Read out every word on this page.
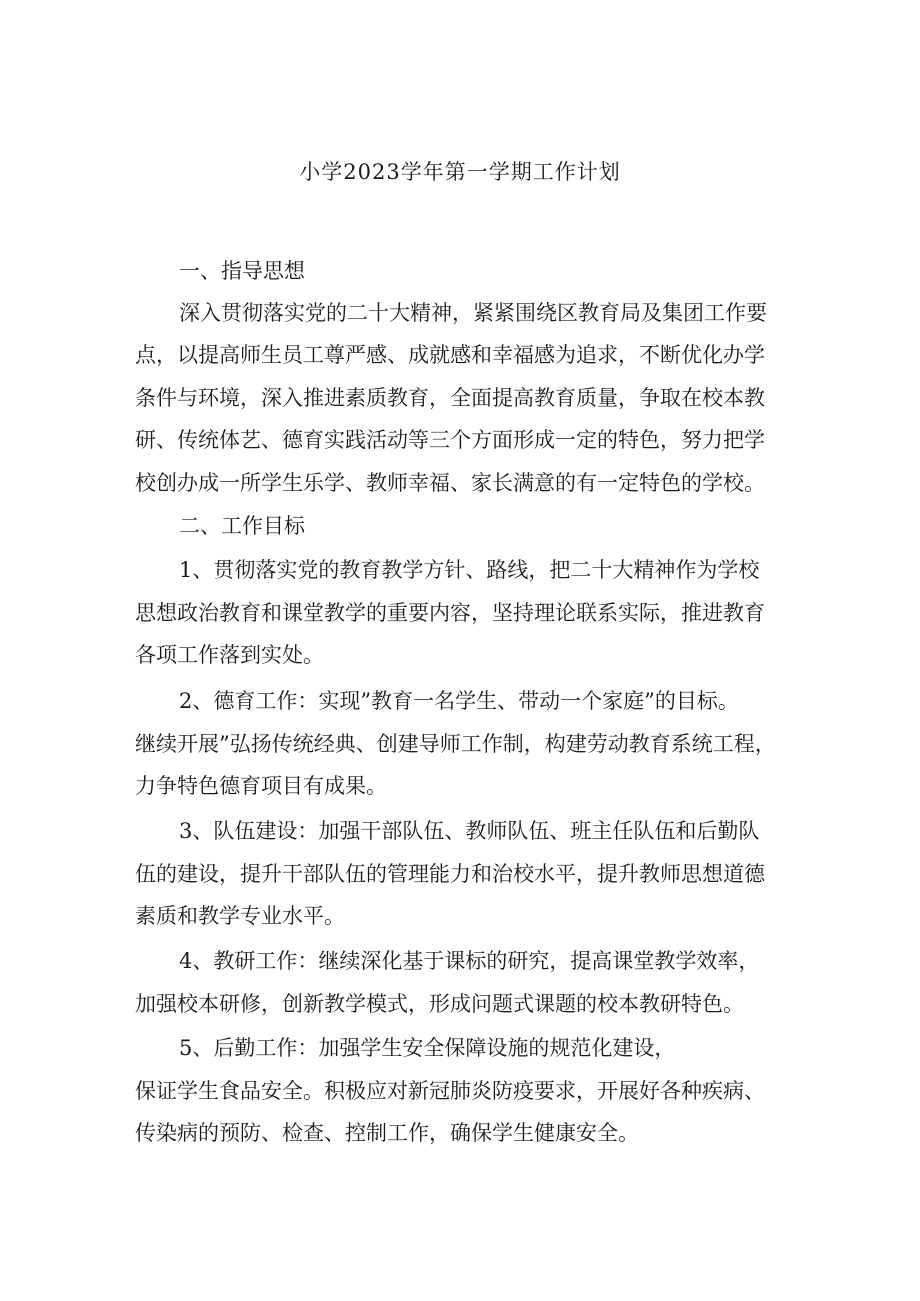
小学2023学年第一学期工作计划

一、指导思想

深入贯彻落实党的二十大精神，紧紧围绕区教育局及集团工作要

点，以提高师生员工尊严感、成就感和幸福感为追求，不断优化办学

条件与环境，深入推进素质教育，全面提高教育质量，争取在校本教

研、传统体艺、德育实践活动等三个方面形成一定的特色，努力把学

校创办成一所学生乐学、教师幸福、家长满意的有一定特色的学校。

二、工作目标

1、贯彻落实党的教育教学方针、路线，把二十大精神作为学校

思想政治教育和课堂教学的重要内容，坚持理论联系实际，推进教育

各项工作落到实处。

2、德育工作：实现”教育一名学生、带动一个家庭”的目标。

继续开展”弘扬传统经典、创建导师工作制，构建劳动教育系统工程，

力争特色德育项目有成果。

3、队伍建设：加强干部队伍、教师队伍、班主任队伍和后勤队

伍的建设，提升干部队伍的管理能力和治校水平，提升教师思想道德

素质和教学专业水平。

4、教研工作：继续深化基于课标的研究，提高课堂教学效率，

加强校本研修，创新教学模式，形成问题式课题的校本教研特色。

5、后勤工作：加强学生安全保障设施的规范化建设，

保证学生食品安全。积极应对新冠肺炎防疫要求，开展好各种疾病、

传染病的预防、检查、控制工作，确保学生健康安全。
